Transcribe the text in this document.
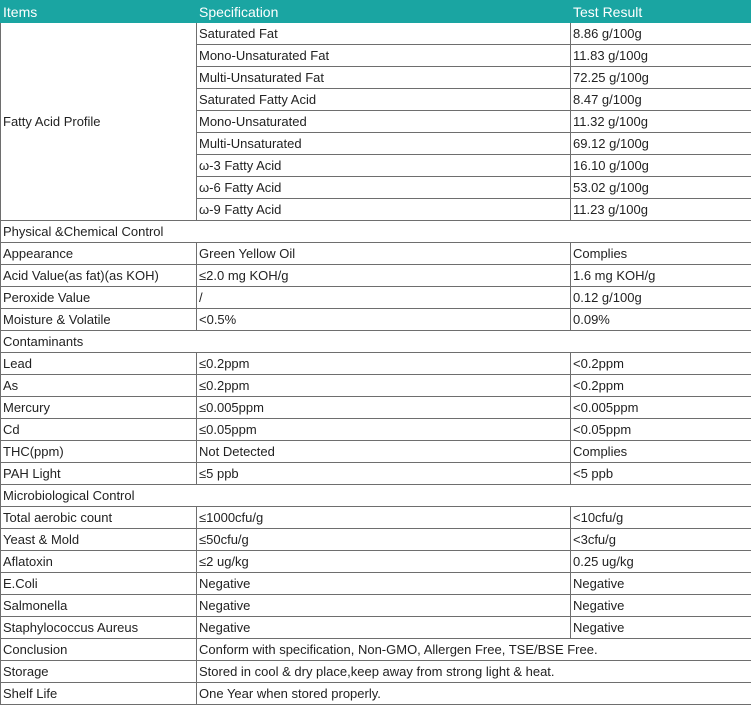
Items	Specification	Test Result
Fatty Acid Profile	Saturated Fat	8.86 g/100g
	Mono-Unsaturated Fat	11.83 g/100g
	Multi-Unsaturated Fat	72.25 g/100g
	Saturated Fatty Acid	8.47 g/100g
	Mono-Unsaturated	11.32 g/100g
	Multi-Unsaturated	69.12 g/100g
	ω-3 Fatty Acid	16.10 g/100g
	ω-6 Fatty Acid	53.02 g/100g
	ω-9 Fatty Acid	11.23 g/100g
Physical &Chemical Control		
Appearance	Green Yellow Oil	Complies
Acid Value(as fat)(as KOH)	≤2.0 mg KOH/g	1.6 mg KOH/g
Peroxide Value	/	0.12 g/100g
Moisture & Volatile	<0.5%	0.09%
Contaminants		
Lead	≤0.2ppm	<0.2ppm
As	≤0.2ppm	<0.2ppm
Mercury	≤0.005ppm	<0.005ppm
Cd	≤0.05ppm	<0.05ppm
THC(ppm)	Not Detected	Complies
PAH Light	≤5 ppb	<5 ppb
Microbiological Control		
Total aerobic count	≤1000cfu/g	<10cfu/g
Yeast & Mold	≤50cfu/g	<3cfu/g
Aflatoxin	≤2 ug/kg	0.25 ug/kg
E.Coli	Negative	Negative
Salmonella	Negative	Negative
Staphylococcus Aureus	Negative	Negative
Conclusion	Conform with specification, Non-GMO, Allergen Free, TSE/BSE Free.	
Storage	Stored in cool & dry place,keep away from strong light & heat.	
Shelf Life	One Year when stored properly.	
